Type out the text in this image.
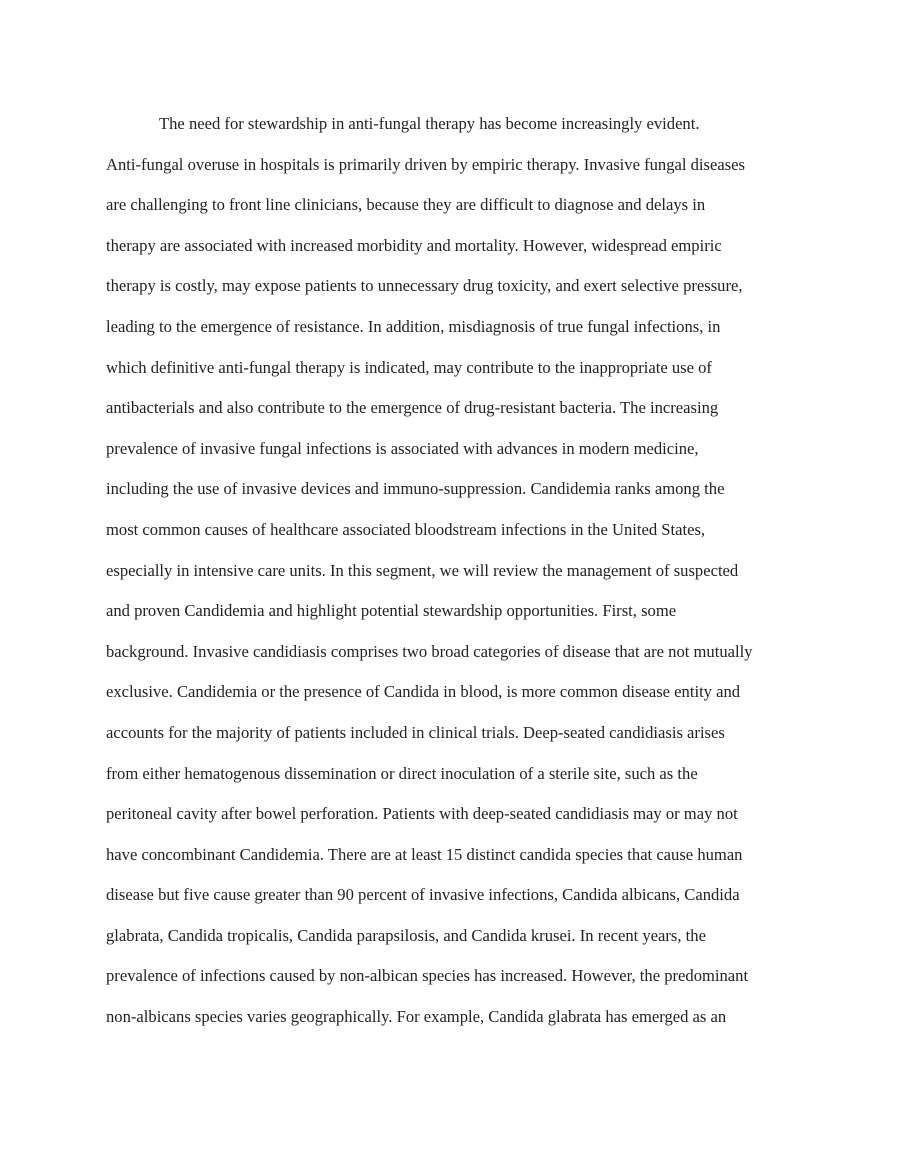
The need for stewardship in anti-fungal therapy has become increasingly evident.
Anti-fungal overuse in hospitals is primarily driven by empiric therapy. Invasive fungal diseases
are challenging to front line clinicians, because they are difficult to diagnose and delays in
therapy are associated with increased morbidity and mortality. However, widespread empiric
therapy is costly, may expose patients to unnecessary drug toxicity, and exert selective pressure,
leading to the emergence of resistance. In addition, misdiagnosis of true fungal infections, in
which definitive anti-fungal therapy is indicated, may contribute to the inappropriate use of
antibacterials and also contribute to the emergence of drug-resistant bacteria. The increasing
prevalence of invasive fungal infections is associated with advances in modern medicine,
including the use of invasive devices and immuno-suppression. Candidemia ranks among the
most common causes of healthcare associated bloodstream infections in the United States,
especially in intensive care units. In this segment, we will review the management of suspected
and proven Candidemia and highlight potential stewardship opportunities. First, some
background. Invasive candidiasis comprises two broad categories of disease that are not mutually
exclusive. Candidemia or the presence of Candida in blood, is more common disease entity and
accounts for the majority of patients included in clinical trials. Deep-seated candidiasis arises
from either hematogenous dissemination or direct inoculation of a sterile site, such as the
peritoneal cavity after bowel perforation. Patients with deep-seated candidiasis may or may not
have concombinant Candidemia. There are at least 15 distinct candida species that cause human
disease but five cause greater than 90 percent of invasive infections, Candida albicans, Candida
glabrata, Candida tropicalis, Candida parapsilosis, and Candida krusei. In recent years, the
prevalence of infections caused by non-albican species has increased. However, the predominant
non-albicans species varies geographically. For example, Candida glabrata has emerged as an
